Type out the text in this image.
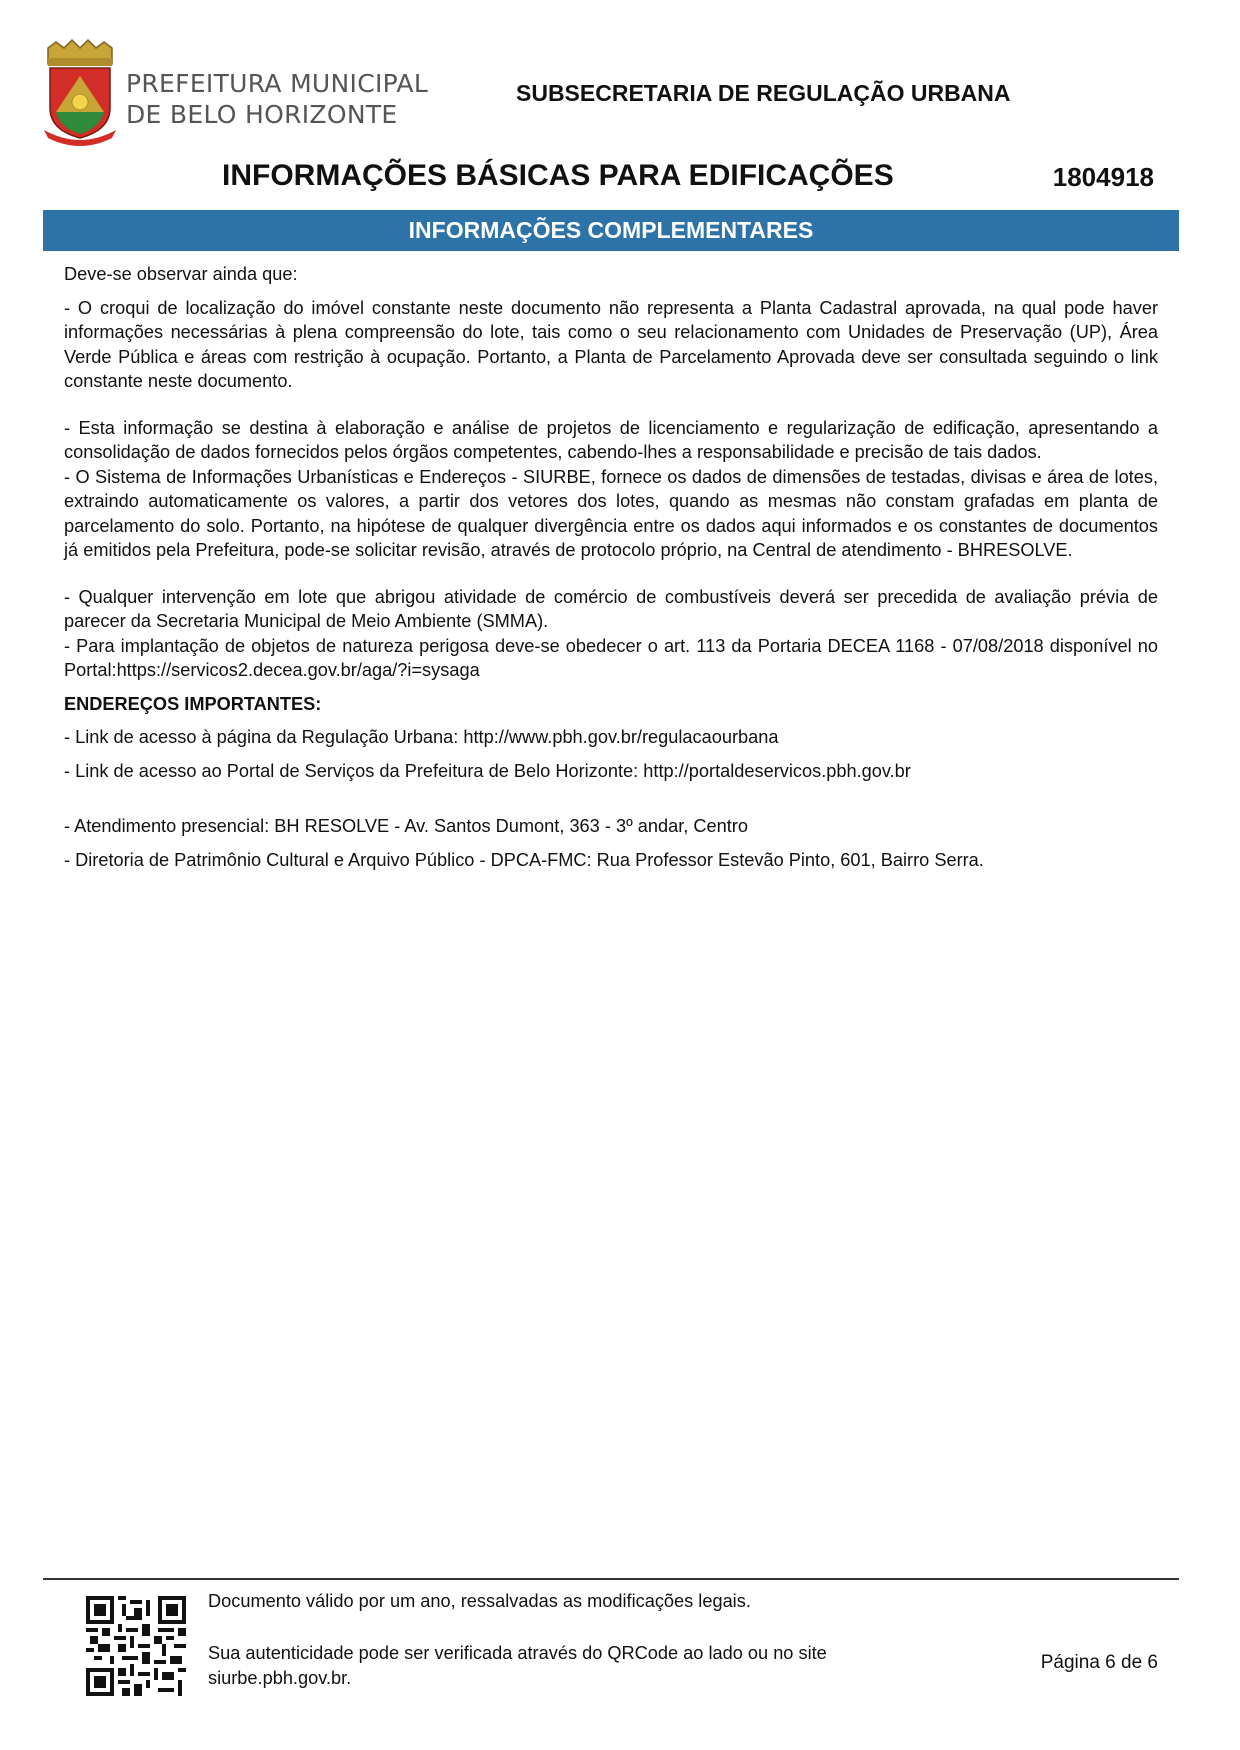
PREFEITURA MUNICIPAL
DE BELO HORIZONTE
SUBSECRETARIA DE REGULAÇÃO URBANA
INFORMAÇÕES BÁSICAS PARA EDIFICAÇÕES	1804918
INFORMAÇÕES COMPLEMENTARES

Deve-se observar ainda que:

- O croqui de localização do imóvel constante neste documento não representa a Planta Cadastral aprovada, na qual pode haver informações necessárias à plena compreensão do lote, tais como o seu relacionamento com Unidades de Preservação (UP), Área Verde Pública e áreas com restrição à ocupação. Portanto, a Planta de Parcelamento Aprovada deve ser consultada seguindo o link constante neste documento.

- Esta informação se destina à elaboração e análise de projetos de licenciamento e regularização de edificação, apresentando a consolidação de dados fornecidos pelos órgãos competentes, cabendo-lhes a responsabilidade e precisão de tais dados.

- O Sistema de Informações Urbanísticas e Endereços - SIURBE, fornece os dados de dimensões de testadas, divisas e área de lotes, extraindo automaticamente os valores, a partir dos vetores dos lotes, quando as mesmas não constam grafadas em planta de parcelamento do solo. Portanto, na hipótese de qualquer divergência entre os dados aqui informados e os constantes de documentos já emitidos pela Prefeitura, pode-se solicitar revisão, através de protocolo próprio, na Central de atendimento - BHRESOLVE.

- Qualquer intervenção em lote que abrigou atividade de comércio de combustíveis deverá ser precedida de avaliação prévia de parecer da Secretaria Municipal de Meio Ambiente (SMMA).

- Para implantação de objetos de natureza perigosa deve-se obedecer o art. 113 da Portaria DECEA 1168 - 07/08/2018 disponível no Portal:https://servicos2.decea.gov.br/aga/?i=sysaga

ENDEREÇOS IMPORTANTES:

- Link de acesso à página da Regulação Urbana: http://www.pbh.gov.br/regulacaourbana

- Link de acesso ao Portal de Serviços da Prefeitura de Belo Horizonte: http://portaldeservicos.pbh.gov.br

- Atendimento presencial: BH RESOLVE - Av. Santos Dumont, 363 - 3º andar, Centro

- Diretoria de Patrimônio Cultural e Arquivo Público - DPCA-FMC: Rua Professor Estevão Pinto, 601, Bairro Serra.

Documento válido por um ano, ressalvadas as modificações legais.
Sua autenticidade pode ser verificada através do QRCode ao lado ou no site siurbe.pbh.gov.br.
Página 6 de 6
